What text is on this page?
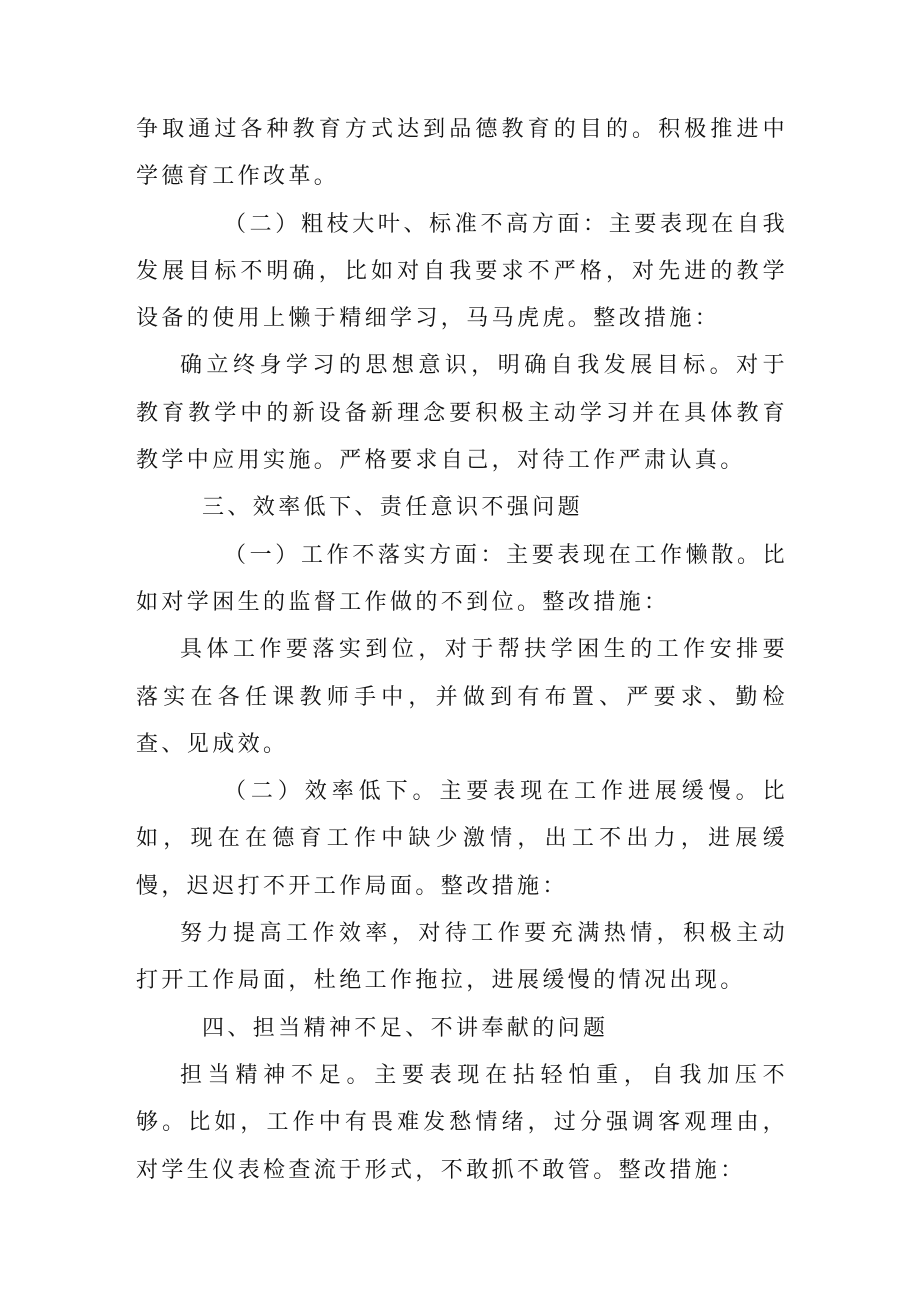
争取通过各种教育方式达到品德教育的目的。积极推进中学德育工作改革。

（二）粗枝大叶、标准不高方面：主要表现在自我发展目标不明确，比如对自我要求不严格，对先进的教学设备的使用上懒于精细学习，马马虎虎。整改措施：

确立终身学习的思想意识，明确自我发展目标。对于教育教学中的新设备新理念要积极主动学习并在具体教育教学中应用实施。严格要求自己，对待工作严肃认真。

三、效率低下、责任意识不强问题

（一）工作不落实方面：主要表现在工作懒散。比如对学困生的监督工作做的不到位。整改措施：

具体工作要落实到位，对于帮扶学困生的工作安排要落实在各任课教师手中，并做到有布置、严要求、勤检查、见成效。

（二）效率低下。主要表现在工作进展缓慢。比如，现在在德育工作中缺少激情，出工不出力，进展缓慢，迟迟打不开工作局面。整改措施：

努力提高工作效率，对待工作要充满热情，积极主动打开工作局面，杜绝工作拖拉，进展缓慢的情况出现。

四、担当精神不足、不讲奉献的问题

担当精神不足。主要表现在拈轻怕重，自我加压不够。比如，工作中有畏难发愁情绪，过分强调客观理由，对学生仪表检查流于形式，不敢抓不敢管。整改措施：
